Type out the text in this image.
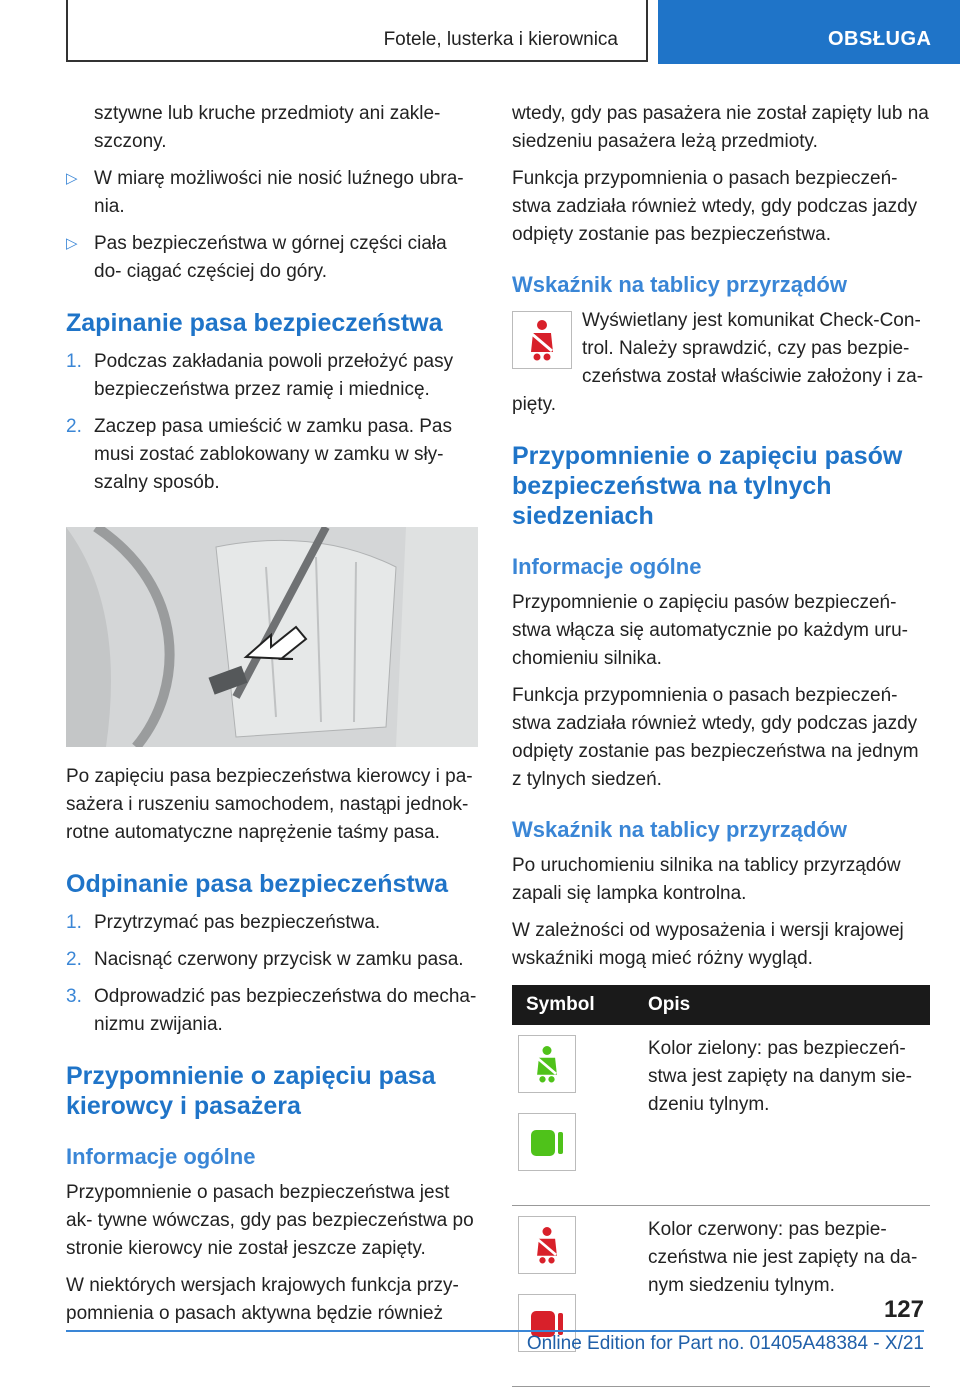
Fotele, lusterka i kierownica	OBSŁUGA

sztywne lub kruche przedmioty ani zakle- szczony.

▷ W miarę możliwości nie nosić luźnego ubra- nia.
▷ Pas bezpieczeństwa w górnej części ciała do- ciągać częściej do góry.
Zapinanie pasa bezpieczeństwa
1. Podczas zakładania powoli przełożyć pasy bezpieczeństwa przez ramię i miednicę.
2. Zaczep pasa umieścić w zamku pasa. Pas musi zostać zablokowany w zamku w sły- szalny sposób.

Po zapięciu pasa bezpieczeństwa kierowcy i pa- sażera i ruszeniu samochodem, nastąpi jednok- rotne automatyczne naprężenie taśmy pasa.

Odpinanie pasa bezpieczeństwa
1. Przytrzymać pas bezpieczeństwa.
2. Nacisnąć czerwony przycisk w zamku pasa.
3. Odprowadzić pas bezpieczeństwa do mecha- nizmu zwijania.
Przypomnienie o zapięciu pasa kierowcy i pasażera
Informacje ogólne

Przypomnienie o pasach bezpieczeństwa jest ak- tywne wówczas, gdy pas bezpieczeństwa po stronie kierowcy nie został jeszcze zapięty.

W niektórych wersjach krajowych funkcja przy- pomnienia o pasach aktywna będzie również

wtedy, gdy pas pasażera nie został zapięty lub na siedzeniu pasażera leżą przedmioty.

Funkcja przypomnienia o pasach bezpieczeń- stwa zadziała również wtedy, gdy podczas jazdy odpięty zostanie pas bezpieczeństwa.

Wskaźnik na tablicy przyrządów

Wyświetlany jest komunikat Check-Con- trol. Należy sprawdzić, czy pas bezpie- czeństwa został właściwie założony i za- pięty.

Przypomnienie o zapięciu pasów bezpieczeństwa na tylnych siedzeniach
Informacje ogólne

Przypomnienie o zapięciu pasów bezpieczeń- stwa włącza się automatycznie po każdym uru- chomieniu silnika.

Funkcja przypomnienia o pasach bezpieczeń- stwa zadziała również wtedy, gdy podczas jazdy odpięty zostanie pas bezpieczeństwa na jednym z tylnych siedzeń.

Wskaźnik na tablicy przyrządów

Po uruchomieniu silnika na tablicy przyrządów zapali się lampka kontrolna.

W zależności od wyposażenia i wersji krajowej wskaźniki mogą mieć różny wygląd.

Symbol	Opis

	Kolor zielony: pas bezpieczeń- stwa jest zapięty na danym sie- dzeniu tylnym.

	Kolor czerwony: pas bezpie- czeństwa nie jest zapięty na da- nym siedzeniu tylnym.
127
Online Edition for Part no. 01405A48384 - X/21
